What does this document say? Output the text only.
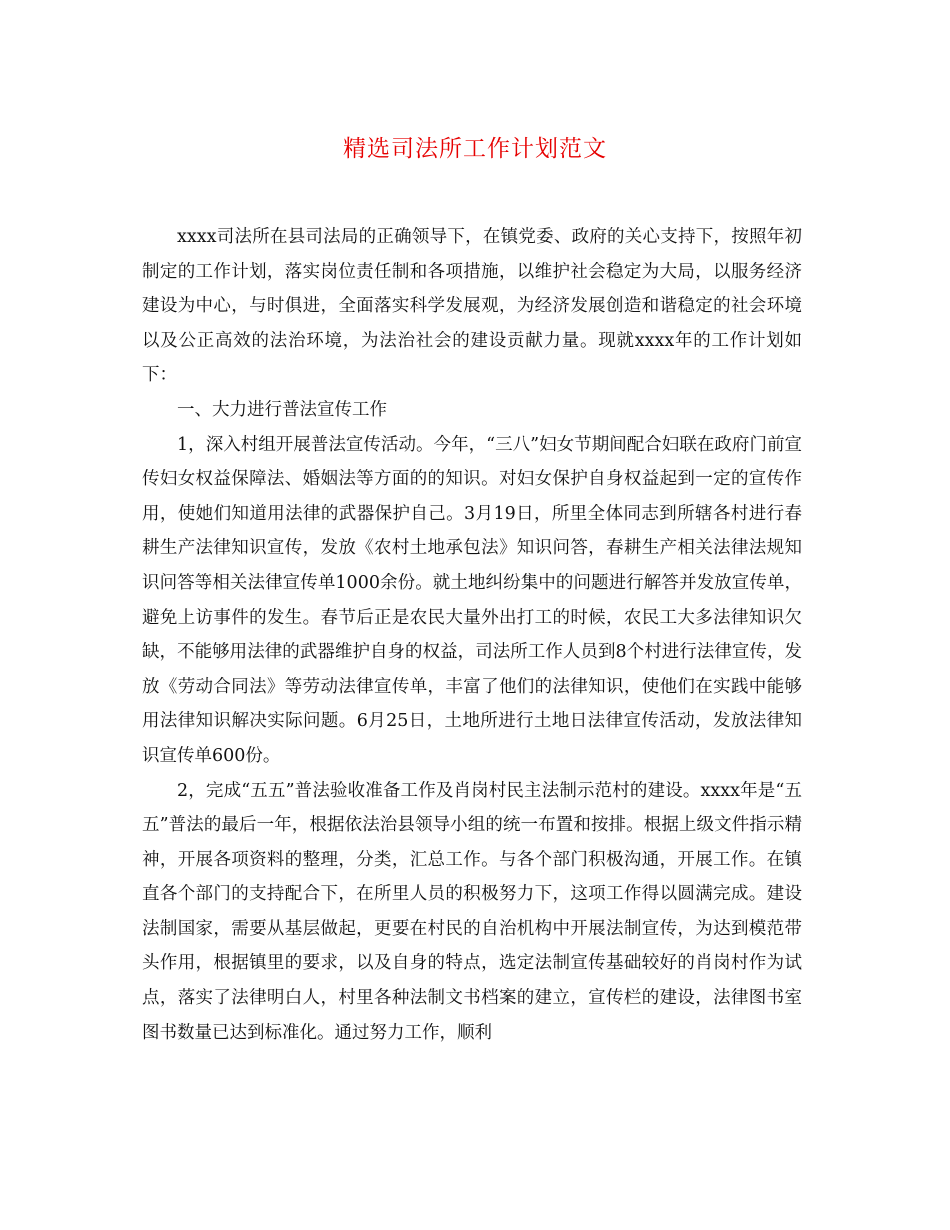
精选司法所工作计划范文

xxxx司法所在县司法局的正确领导下，在镇党委、政府的关心支持下，按照年初制定的工作计划，落实岗位责任制和各项措施，以维护社会稳定为大局，以服务经济建设为中心，与时俱进，全面落实科学发展观，为经济发展创造和谐稳定的社会环境以及公正高效的法治环境，为法治社会的建设贡献力量。现就xxxx年的工作计划如下：

一、大力进行普法宣传工作

1，深入村组开展普法宣传活动。今年，“三八”妇女节期间配合妇联在政府门前宣传妇女权益保障法、婚姻法等方面的的知识。对妇女保护自身权益起到一定的宣传作用，使她们知道用法律的武器保护自己。3月19日，所里全体同志到所辖各村进行春耕生产法律知识宣传，发放《农村土地承包法》知识问答，春耕生产相关法律法规知识问答等相关法律宣传单1000余份。就土地纠纷集中的问题进行解答并发放宣传单，避免上访事件的发生。春节后正是农民大量外出打工的时候，农民工大多法律知识欠缺，不能够用法律的武器维护自身的权益，司法所工作人员到8个村进行法律宣传，发放《劳动合同法》等劳动法律宣传单，丰富了他们的法律知识，使他们在实践中能够用法律知识解决实际问题。6月25日，土地所进行土地日法律宣传活动，发放法律知识宣传单600份。

2，完成“五五”普法验收准备工作及肖岗村民主法制示范村的建设。xxxx年是“五五”普法的最后一年，根据依法治县领导小组的统一布置和按排。根据上级文件指示精神，开展各项资料的整理，分类，汇总工作。与各个部门积极沟通，开展工作。在镇直各个部门的支持配合下，在所里人员的积极努力下，这项工作得以圆满完成。建设法制国家，需要从基层做起，更要在村民的自治机构中开展法制宣传，为达到模范带头作用，根据镇里的要求，以及自身的特点，选定法制宣传基础较好的肖岗村作为试点，落实了法律明白人，村里各种法制文书档案的建立，宣传栏的建设，法律图书室图书数量已达到标准化。通过努力工作，顺利
